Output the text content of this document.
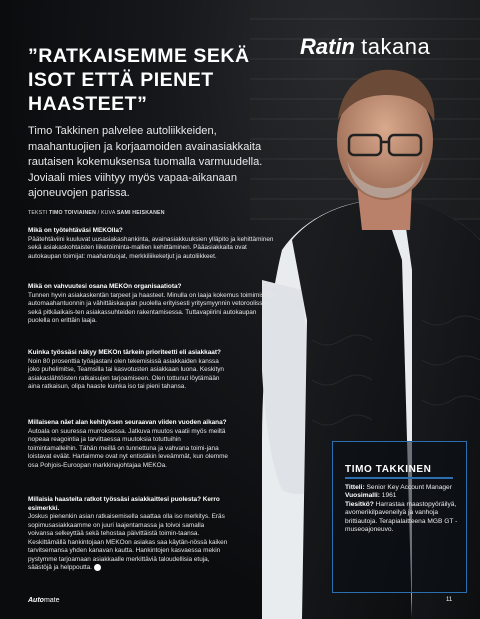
”RATKAISEMME SEKÄ ISOT ETTÄ PIENET HAASTEET”
Ratin takana

Timo Takkinen palvelee autoliikkeiden, maahantuojien ja korjaamoiden avainasiakkaita rautaisen kokemuksensa tuomalla varmuudella. Joviaali mies viihtyy myös vapaa-aikanaan ajoneuvojen parissa.

TEKSTI TIMO TOIVIAINEN / KUVA SAMI HEISKANEN
Mikä on työtehtäväsi MEKOlla?
Päätehtäviini kuuluvat uusasiakashankinta, avainasiakkuuksien ylläpito ja kehittäminen sekä asiakaskohtaisten liiketoiminta-mallien kehittäminen. Pääasiakkaita ovat autokaupan toimijat: maahantuojat, merkkiliikeketjut ja autoliikkeet.
Mikä on vahvuutesi osana MEKOn organisaatiota?
Tunnen hyvin asiakaskentän tarpeet ja haasteet. Minulla on laaja kokemus toimimisesta automaahantuonnin ja vähittäiskaupan puolella erityisesti yritysmyynnin vetoroolissa sekä pitkäaikais-ten asiakassuhteiden rakentamisessa. Tuttavapiirini autokaupan puolella on erittäin laaja.
Kuinka työssäsi näkyy MEKOn tärkein prioriteetti eli asiakkaat?
Noin 80 prosenttia työajastani olen tekemisissä asiakkaiden kanssa joko puhelimitse, Teamsilla tai kasvotusten asiakkaan luona. Keskityn asiakaslähtöisten ratkaisujen tarjoamiseen. Olen tottunut löytämään aina ratkaisun, olipa haaste kuinka iso tai pieni tahansa.
Millaisena näet alan kehityksen seuraavan viiden vuoden aikana?
Autoala on suuressa murroksessa. Jatkuva muutos vaatii myös meiltä nopeaa reagointia ja tarvittaessa muutoksia totuttuihin toimintamalleihin. Tähän meillä on tunnettuna ja vahvana toimi-jana loistavat eväät. Hartaimme ovat nyt entistäkin leveämmät, kun olemme osa Pohjois-Euroopan markkinajohtajaa MEKOa.
Millaisia haasteita ratkot työssäsi asiakkaittesi puolesta? Kerro esimerkki.
Joskus pienenkin asian ratkaisemisella saattaa olla iso merkitys. Eräs sopimusasiakkaamme on juuri laajentamassa ja toivoi samalla voivansa selkeyttää sekä tehostaa päivittäistä toimin-taansa. Keskittämällä hankintojaan MEKOon asiakas saa käytän-nössä kaiken tarvitsemansa yhden kanavan kautta. Hankintojen kasvaessa mekin pystymme tarjoamaan asiakkaalle merkittäviä taloudellisia etuja, säästöjä ja helppoutta.
TIMO TAKKINEN
Titteli: Senior Key Account Manager
Vuosimalli: 1961
Tiesitkö? Harrastaa maastopyöräilyä, avomerikilpaveneilyä ja vanhoja brittiautoja. Terapialaitteena MGB GT -museoajoneuvo.
Automate	11
